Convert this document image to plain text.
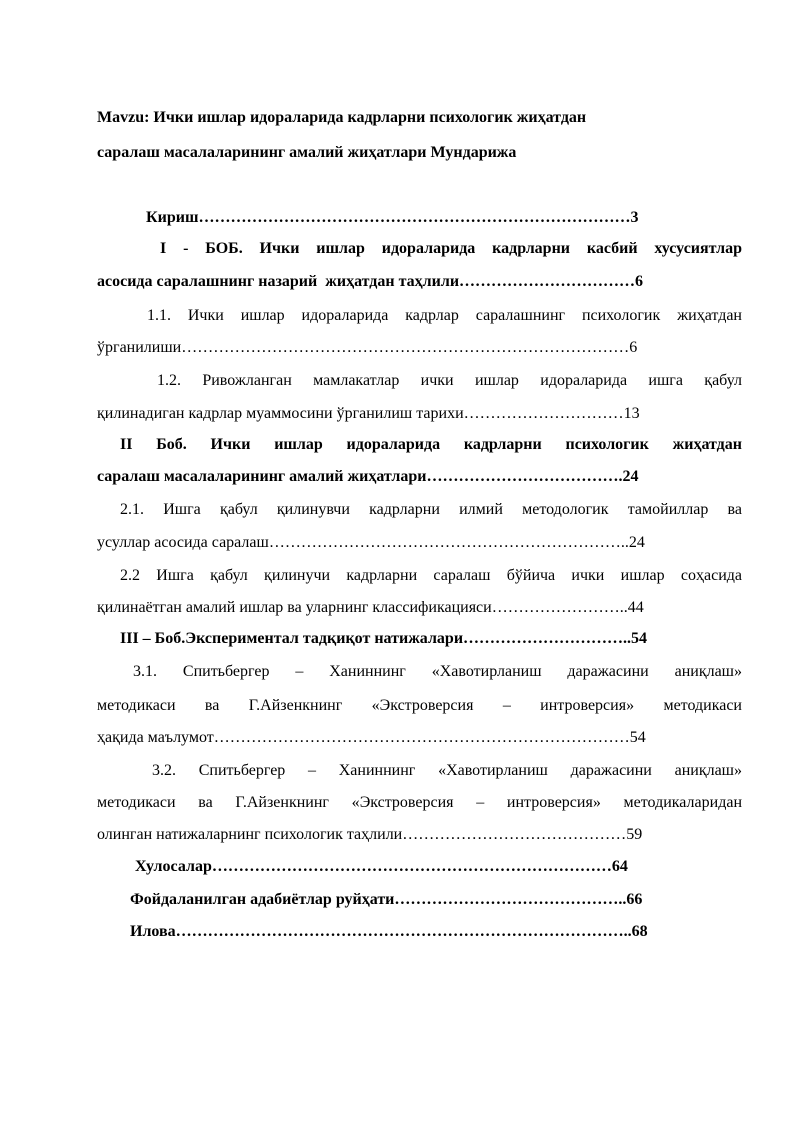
Mavzu: Ички ишлар идораларида кадрларни психологик жиҳатдан

саралаш масалаларининг амалий жиҳатлари Мундарижа

Кириш………………………………………………………………………3

I - БОБ. Ички ишлар идораларида кадрларни касбий хусусиятлар

асосида саралашнинг назарий  жиҳатдан таҳлили……………………………6

1.1. Ички ишлар идораларида кадрлар саралашнинг психологик жиҳатдан

ўрганилиши…………………………………………………………………………6

1.2. Ривожланган мамлакатлар ички ишлар идораларида ишга қабул

қилинадиган кадрлар муаммосини ўрганилиш тарихи…………………………13

II Боб. Ички ишлар идораларида кадрларни психологик жиҳатдан

саралаш масалаларининг амалий жиҳатлари……………………………….24

2.1. Ишга қабул қилинувчи кадрларни илмий методологик тамойиллар ва

усуллар асосида саралаш…………………………………………………………..24

2.2 Ишга қабул қилинучи кадрларни саралаш бўйича ички ишлар соҳасида

қилинаётган амалий ишлар ва уларнинг классификацияси……………………..44

III – Боб.Экспериментал тадқиқот натижалари…………………………..54

3.1. Спитьбергер – Ханиннинг «Хавотирланиш даражасини аниқлаш»

методикаси ва Г.Айзенкнинг «Экстроверсия – интроверсия» методикаси

ҳақида маълумот……………………………………………………………………54

3.2. Спитьбергер – Ханиннинг «Хавотирланиш даражасини аниқлаш»

методикаси ва Г.Айзенкнинг «Экстроверсия – интроверсия» методикаларидан

олинган натижаларнинг психологик таҳлили……………………………………59

Хулосалар…………………………………………………………………64

Фойдаланилган адабиётлар руйҳати……………………………………..66

Илова…………………………………………………………………………..68
